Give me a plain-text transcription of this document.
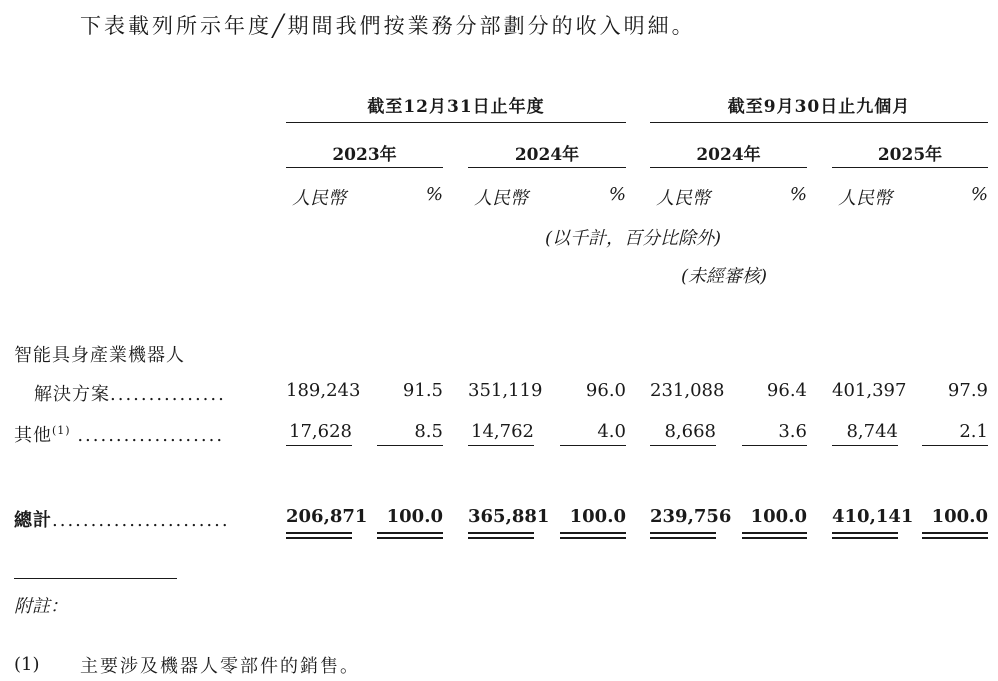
下表載列所示年度╱期間我們按業務分部劃分的收入明細。
截至12月31日止年度	截至9月30日止九個月
2023年	2024年	2024年	2025年
人民幣	% 人民幣	% 人民幣	% 人民幣	%
(以千計，百分比除外)
(未經審核)
智能具身產業機器人
解決方案...............	189,243	91.5 351,119	96.0 231,088	96.4 401,397	97.9
其他$^{(1)}$ ...................	17,628	8.5 14,762	4.0	8,668	3.6	8,744	2.1
總計.......................	206,871	100.0 365,881	100.0 239,756	100.0 410,141	100.0
附註：
(1) 主要涉及機器人零部件的銷售。
